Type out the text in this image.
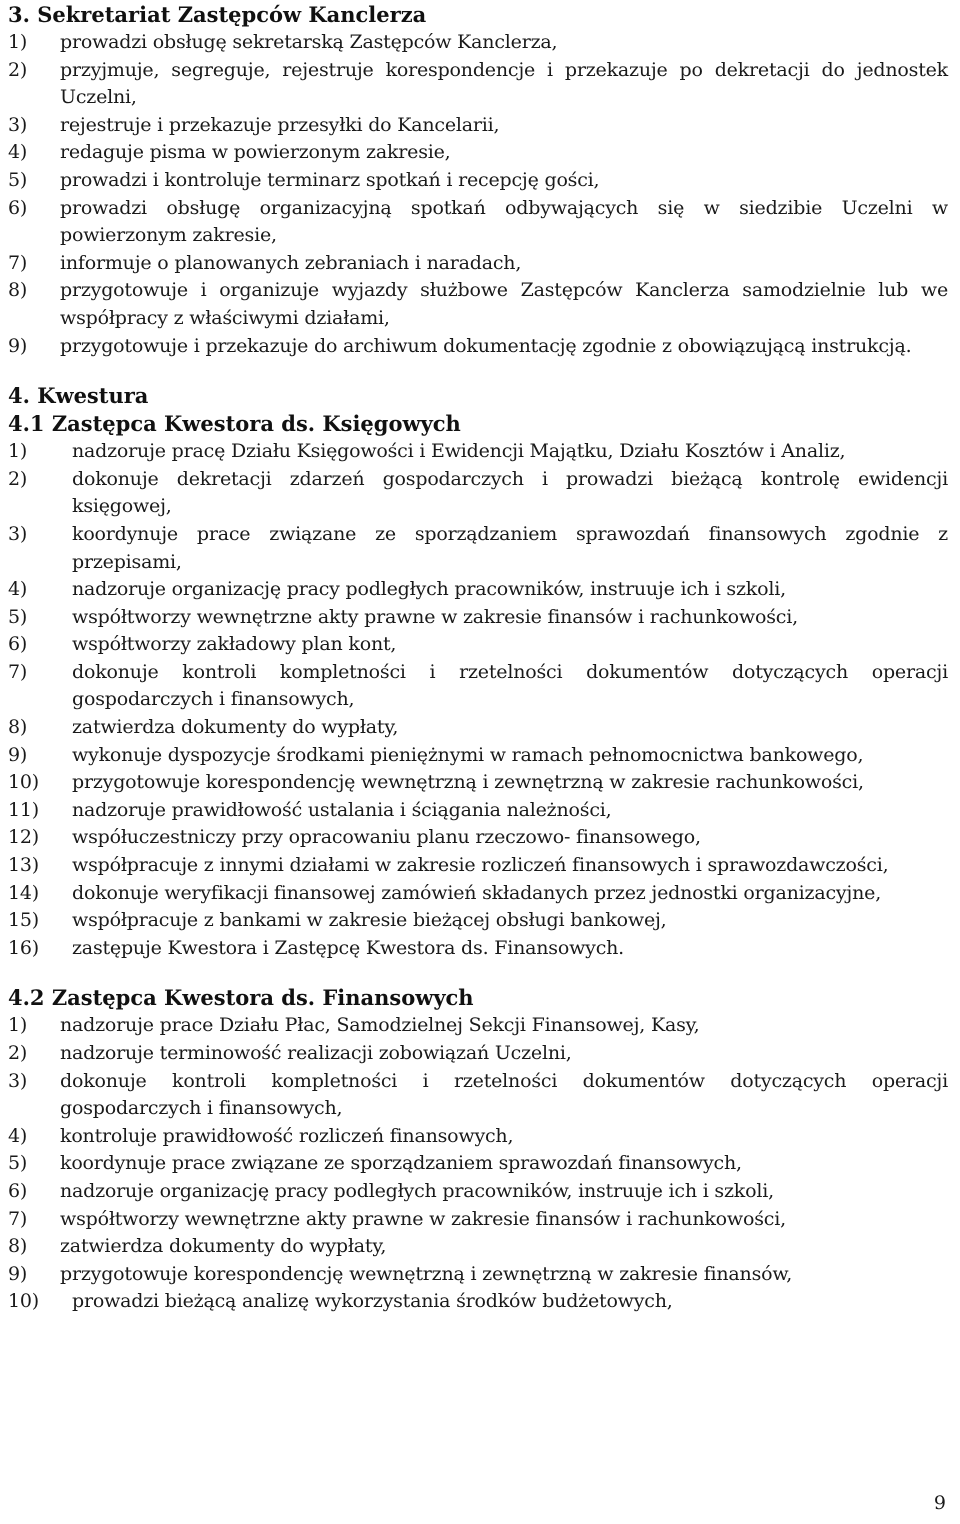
3. Sekretariat Zastępców Kanclerza
1)	prowadzi obsługę sekretarską Zastępców Kanclerza,
2)	przyjmuje, segreguje, rejestruje korespondencje i przekazuje po dekretacji do jednostek Uczelni,
3)	rejestruje i przekazuje przesyłki do Kancelarii,
4)	redaguje pisma w powierzonym zakresie,
5)	prowadzi i kontroluje terminarz spotkań i recepcję gości,
6)	prowadzi obsługę organizacyjną spotkań odbywających się w siedzibie Uczelni w powierzonym zakresie,
7)	informuje o planowanych zebraniach i naradach,
8)	przygotowuje i organizuje wyjazdy służbowe Zastępców Kanclerza samodzielnie lub we współpracy z właściwymi działami,
9)	przygotowuje i przekazuje do archiwum dokumentację zgodnie z obowiązującą instrukcją.
4. Kwestura
4.1 Zastępca Kwestora ds. Księgowych
1)	nadzoruje pracę Działu Księgowości i Ewidencji Majątku, Działu Kosztów i Analiz,
2)	dokonuje dekretacji zdarzeń gospodarczych i prowadzi bieżącą kontrolę ewidencji księgowej,
3)	koordynuje prace związane ze sporządzaniem sprawozdań finansowych zgodnie z przepisami,
4)	nadzoruje organizację pracy podległych pracowników, instruuje ich i szkoli,
5)	współtworzy wewnętrzne akty prawne w zakresie finansów i rachunkowości,
6)	współtworzy zakładowy plan kont,
7)	dokonuje kontroli kompletności i rzetelności dokumentów dotyczących operacji gospodarczych i finansowych,
8)	zatwierdza dokumenty do wypłaty,
9)	wykonuje dyspozycje środkami pieniężnymi w ramach pełnomocnictwa bankowego,
10)	przygotowuje korespondencję wewnętrzną i zewnętrzną w zakresie rachunkowości,
11)	nadzoruje prawidłowość ustalania i ściągania należności,
12)	współuczestniczy przy opracowaniu planu rzeczowo- finansowego,
13)	współpracuje z innymi działami w zakresie rozliczeń finansowych i sprawozdawczości,
14)	dokonuje weryfikacji finansowej zamówień składanych przez jednostki organizacyjne,
15)	współpracuje z bankami w zakresie bieżącej obsługi bankowej,
16)	zastępuje Kwestora i Zastępcę Kwestora ds. Finansowych.
4.2 Zastępca Kwestora ds. Finansowych
1)	nadzoruje prace Działu Płac, Samodzielnej Sekcji Finansowej, Kasy,
2)	nadzoruje terminowość realizacji zobowiązań Uczelni,
3)	dokonuje kontroli kompletności i rzetelności dokumentów dotyczących operacji gospodarczych i finansowych,
4)	kontroluje prawidłowość rozliczeń finansowych,
5)	koordynuje prace związane ze sporządzaniem sprawozdań finansowych,
6)	nadzoruje organizację pracy podległych pracowników, instruuje ich i szkoli,
7)	współtworzy wewnętrzne akty prawne w zakresie finansów i rachunkowości,
8)	zatwierdza dokumenty do wypłaty,
9)	przygotowuje korespondencję wewnętrzną i zewnętrzną w zakresie finansów,
10)	prowadzi bieżącą analizę wykorzystania środków budżetowych,
9
